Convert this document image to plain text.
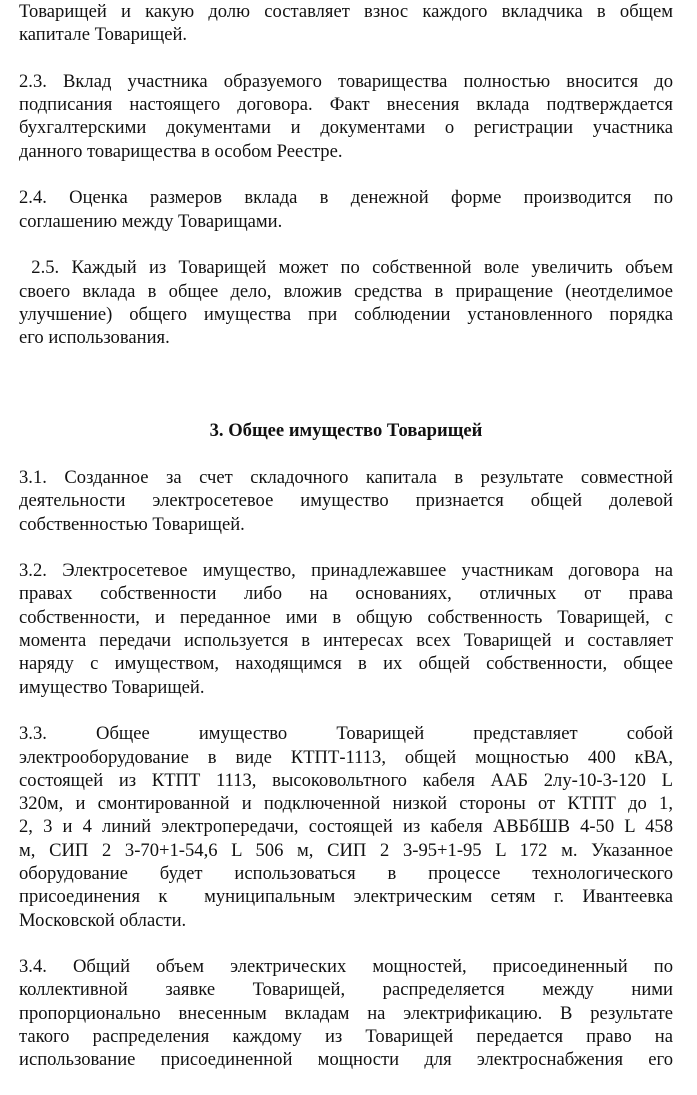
Товарищей и какую долю составляет взнос каждого вкладчика в общем
капитале Товарищей.

2.3. Вклад участника образуемого товарищества полностью вносится до
подписания настоящего договора. Факт внесения вклада подтверждается
бухгалтерскими документами и документами о регистрации участника
данного товарищества в особом Реестре.

2.4. Оценка размеров вклада в денежной форме производится по
соглашению между Товарищами.

2.5. Каждый из Товарищей может по собственной воле увеличить объем
своего вклада в общее дело, вложив средства в приращение (неотделимое
улучшение) общего имущества при соблюдении установленного порядка
его использования.

3. Общее имущество Товарищей

3.1. Созданное за счет складочного капитала в результате совместной
деятельности электросетевое имущество признается общей долевой
собственностью Товарищей.

3.2. Электросетевое имущество, принадлежавшее участникам договора на
правах собственности либо на основаниях, отличных от права
собственности, и переданное ими в общую собственность Товарищей, с
момента передачи используется в интересах всех Товарищей и составляет
наряду с имуществом, находящимся в их общей собственности, общее
имущество Товарищей.

3.3. Общее имущество Товарищей представляет собой
электрооборудование в виде КТПТ-1113, общей мощностью 400 кВА,
состоящей из КТПТ 1113, высоковольтного кабеля ААБ 2лу-10-3-120 L
320м, и смонтированной и подключенной низкой стороны от КТПТ до 1,
2, 3 и 4 линий электропередачи, состоящей из кабеля АВБбШВ 4-50 L 458
м, СИП 2 3-70+1-54,6 L 506 м, СИП 2 3-95+1-95 L 172 м. Указанное
оборудование будет использоваться в процессе технологического
присоединения к  муниципальным электрическим сетям г. Ивантеевка
Московской области.

3.4. Общий объем электрических мощностей, присоединенный по
коллективной заявке Товарищей, распределяется между ними
пропорционально внесенным вкладам на электрификацию. В результате
такого распределения каждому из Товарищей передается право на
использование присоединенной мощности для электроснабжения его
